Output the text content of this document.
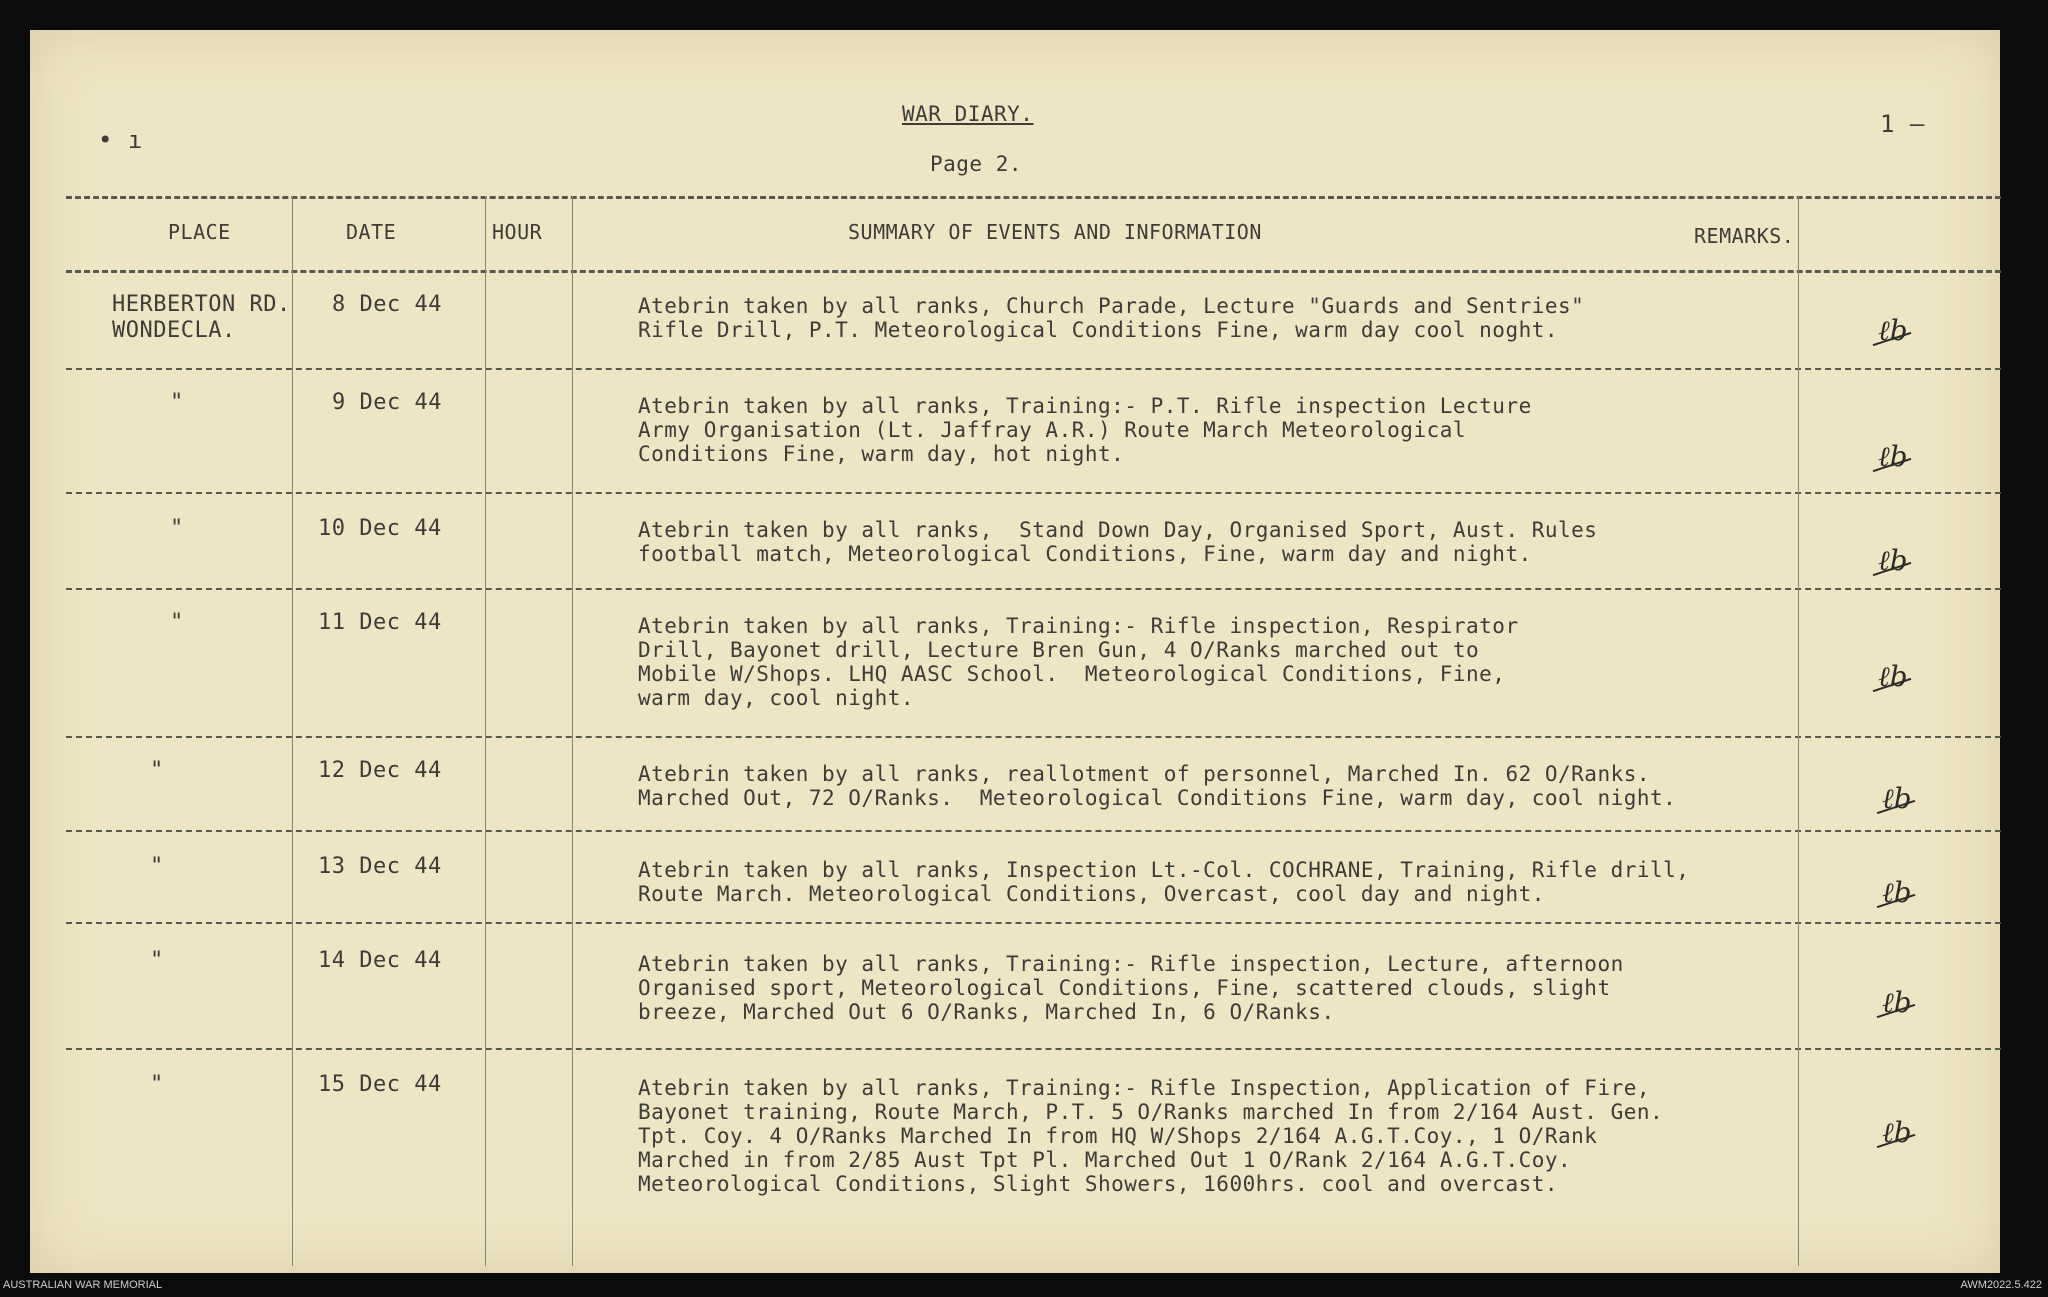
• ı
WAR DIARY.
Page 2.
1 –
PLACE	DATE	HOUR	SUMMARY OF EVENTS AND INFORMATION	REMARKS.
HERBERTON RD.
WONDECLA.
8 Dec 44	Atebrin taken by all ranks, Church Parade, Lecture "Guards and Sentries"
Rifle Drill, P.T. Meteorological Conditions Fine, warm day cool noght.	ℓb
"	9 Dec 44	Atebrin taken by all ranks, Training:- P.T. Rifle inspection Lecture
Army Organisation (Lt. Jaffray A.R.) Route March Meteorological
Conditions Fine, warm day, hot night.	ℓb
"	10 Dec 44	Atebrin taken by all ranks,  Stand Down Day, Organised Sport, Aust. Rules
football match, Meteorological Conditions, Fine, warm day and night.	ℓb
"	11 Dec 44	Atebrin taken by all ranks, Training:- Rifle inspection, Respirator
Drill, Bayonet drill, Lecture Bren Gun, 4 O/Ranks marched out to
Mobile W/Shops. LHQ AASC School.  Meteorological Conditions, Fine,
warm day, cool night.
ℓb
"	12 Dec 44	Atebrin taken by all ranks, reallotment of personnel, Marched In. 62 O/Ranks.
Marched Out, 72 O/Ranks.  Meteorological Conditions Fine, warm day, cool night.	ℓb
"	13 Dec 44	Atebrin taken by all ranks, Inspection Lt.-Col. COCHRANE, Training, Rifle drill,
Route March. Meteorological Conditions, Overcast, cool day and night.	ℓb
"	14 Dec 44	Atebrin taken by all ranks, Training:- Rifle inspection, Lecture, afternoon
Organised sport, Meteorological Conditions, Fine, scattered clouds, slight
breeze, Marched Out 6 O/Ranks, Marched In, 6 O/Ranks.	ℓb
"	15 Dec 44	Atebrin taken by all ranks, Training:- Rifle Inspection, Application of Fire,
Bayonet training, Route March, P.T. 5 O/Ranks marched In from 2/164 Aust. Gen.
Tpt. Coy. 4 O/Ranks Marched In from HQ W/Shops 2/164 A.G.T.Coy., 1 O/Rank
Marched in from 2/85 Aust Tpt Pl. Marched Out 1 O/Rank 2/164 A.G.T.Coy.
Meteorological Conditions, Slight Showers, 1600hrs. cool and overcast.
ℓb
AUSTRALIAN WAR MEMORIAL	AWM2022.5.422
